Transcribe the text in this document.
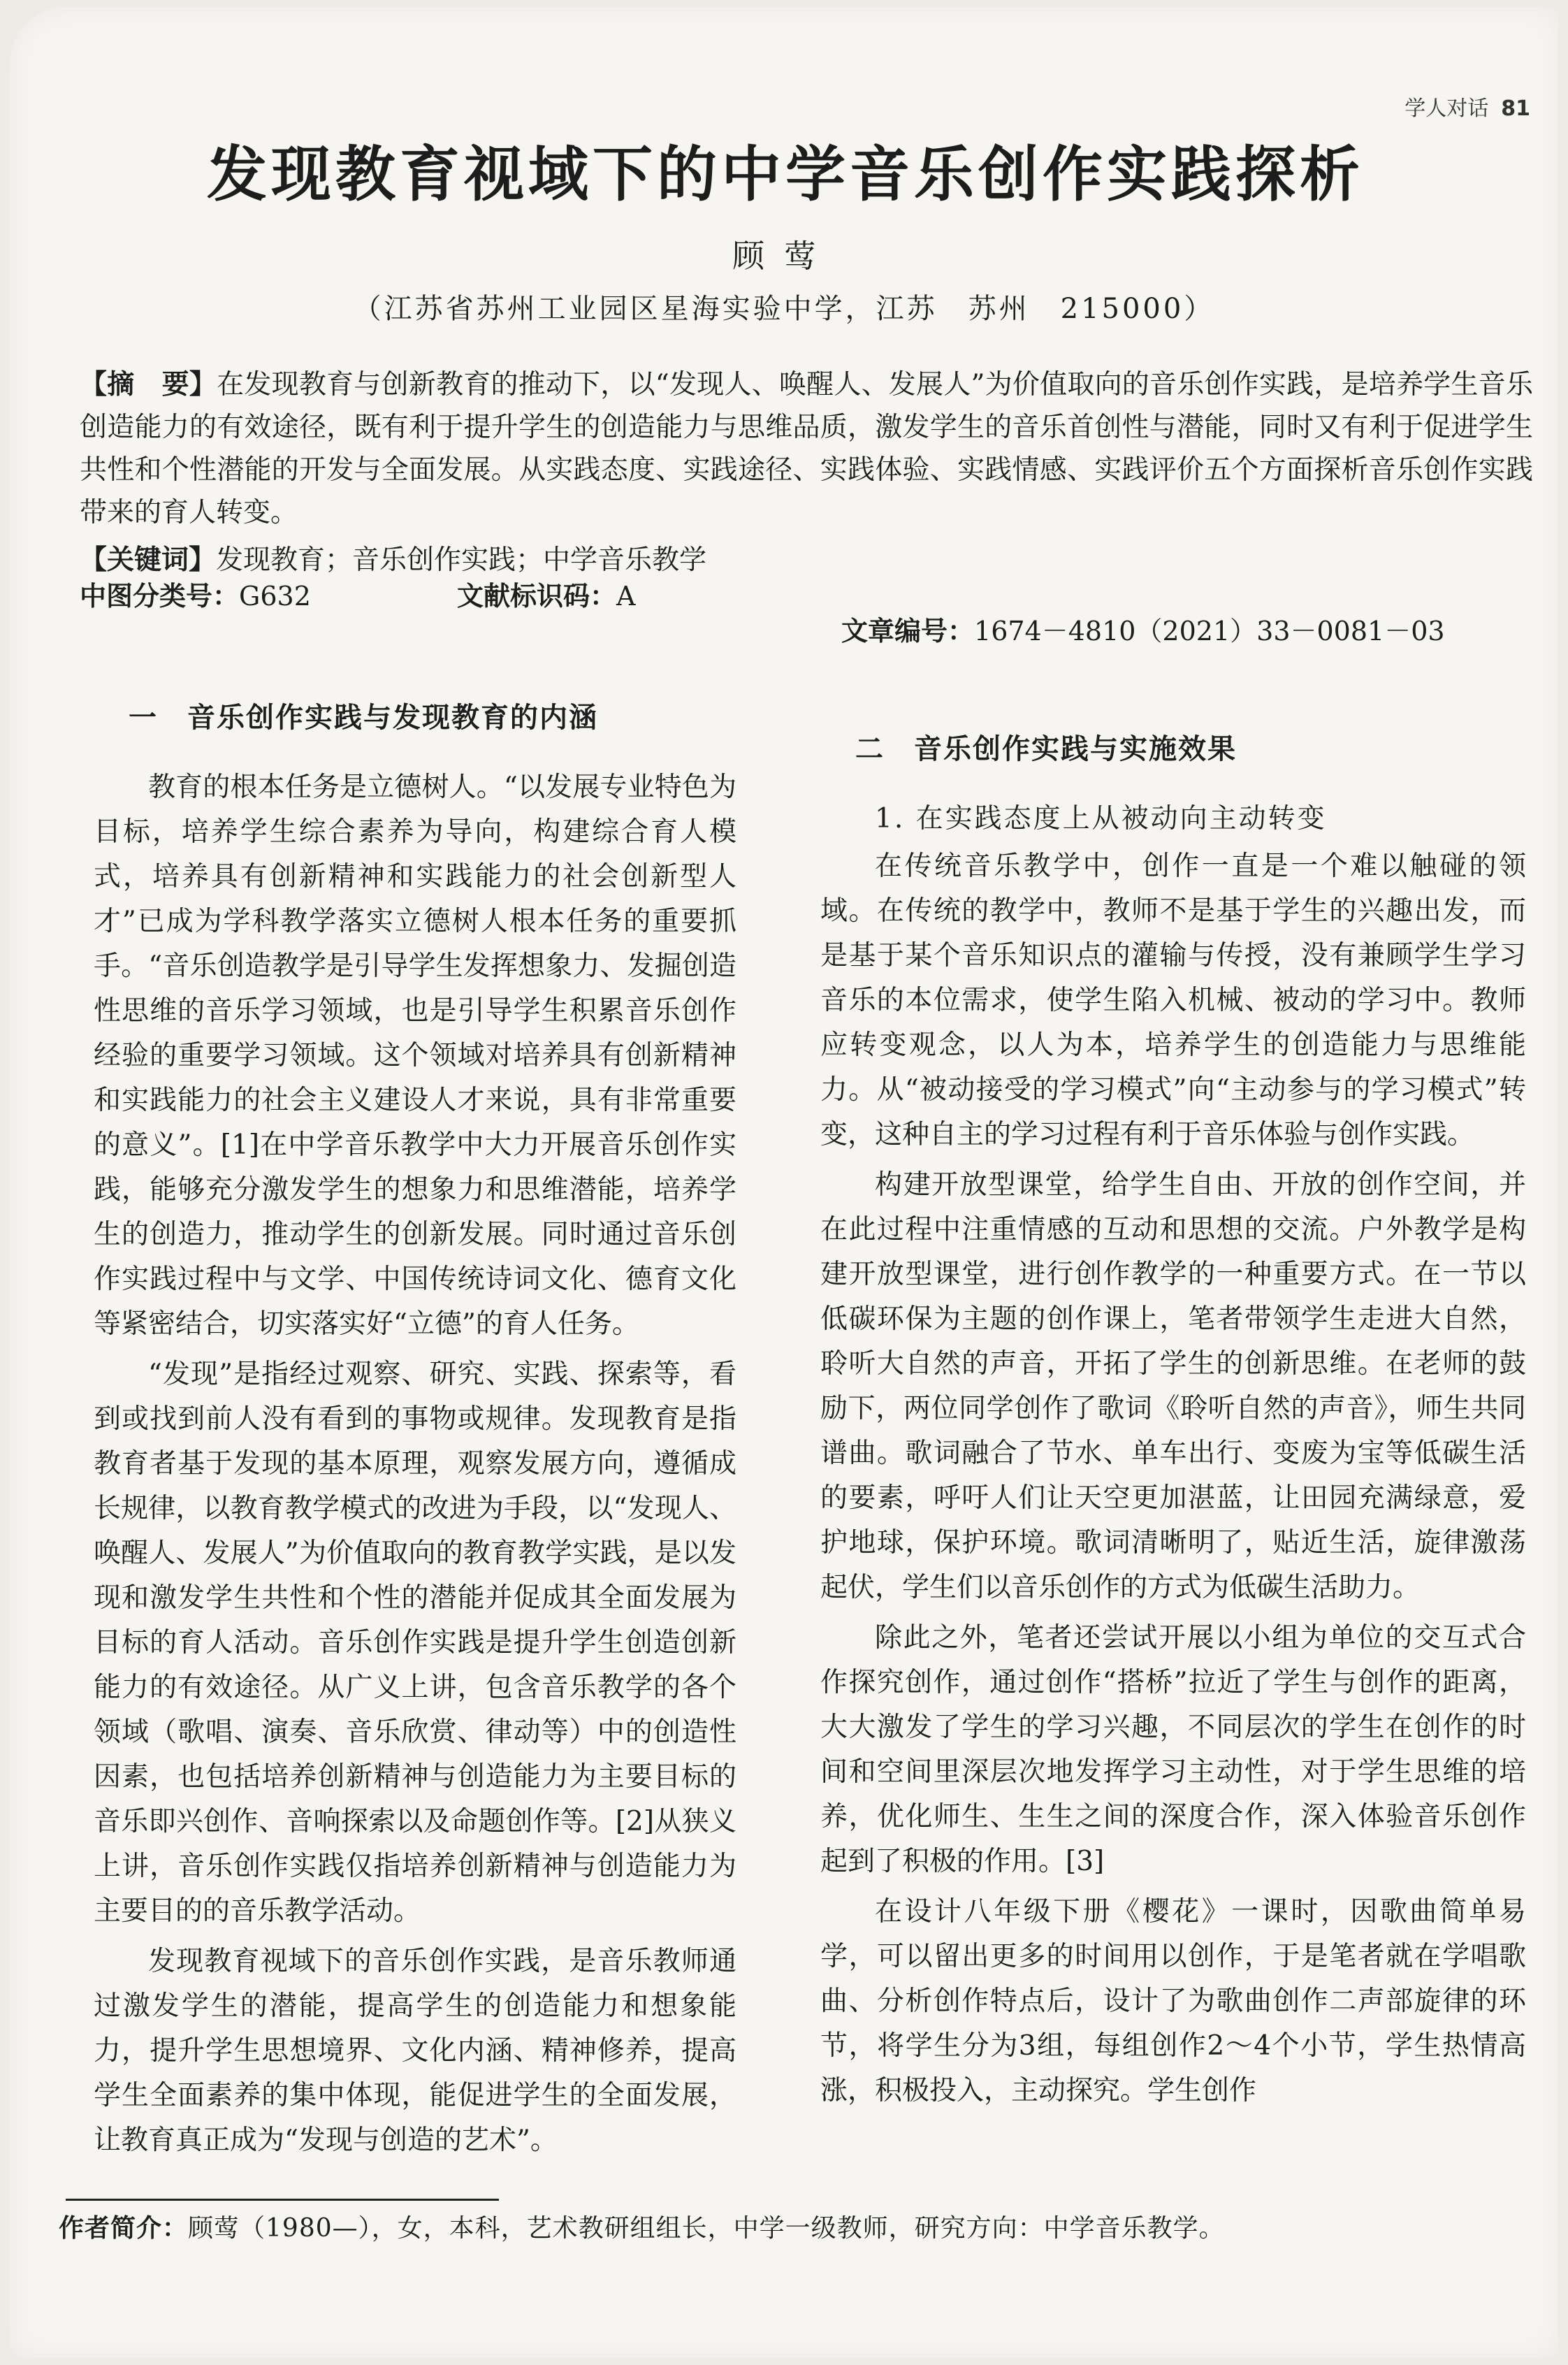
学人对话 81
发现教育视域下的中学音乐创作实践探析
顾莺
（江苏省苏州工业园区星海实验中学，江苏　苏州　215000）
【摘　要】在发现教育与创新教育的推动下，以“发现人、唤醒人、发展人”为价值取向的音乐创作实践，是培养学生音乐创造能力的有效途径，既有利于提升学生的创造能力与思维品质，激发学生的音乐首创性与潜能，同时又有利于促进学生共性和个性潜能的开发与全面发展。从实践态度、实践途径、实践体验、实践情感、实践评价五个方面探析音乐创作实践带来的育人转变。
【关键词】发现教育；音乐创作实践；中学音乐教学
中图分类号：G632	文献标识码：A
文章编号：1674－4810（2021）33－0081－03
一　音乐创作实践与发现教育的内涵

教育的根本任务是立德树人。“以发展专业特色为目标，培养学生综合素养为导向，构建综合育人模式，培养具有创新精神和实践能力的社会创新型人才”已成为学科教学落实立德树人根本任务的重要抓手。“音乐创造教学是引导学生发挥想象力、发掘创造性思维的音乐学习领域，也是引导学生积累音乐创作经验的重要学习领域。这个领域对培养具有创新精神和实践能力的社会主义建设人才来说，具有非常重要的意义”。[1]在中学音乐教学中大力开展音乐创作实践，能够充分激发学生的想象力和思维潜能，培养学生的创造力，推动学生的创新发展。同时通过音乐创作实践过程中与文学、中国传统诗词文化、德育文化等紧密结合，切实落实好“立德”的育人任务。

“发现”是指经过观察、研究、实践、探索等，看到或找到前人没有看到的事物或规律。发现教育是指教育者基于发现的基本原理，观察发展方向，遵循成长规律，以教育教学模式的改进为手段，以“发现人、唤醒人、发展人”为价值取向的教育教学实践，是以发现和激发学生共性和个性的潜能并促成其全面发展为目标的育人活动。音乐创作实践是提升学生创造创新能力的有效途径。从广义上讲，包含音乐教学的各个领域（歌唱、演奏、音乐欣赏、律动等）中的创造性因素，也包括培养创新精神与创造能力为主要目标的音乐即兴创作、音响探索以及命题创作等。[2]从狭义上讲，音乐创作实践仅指培养创新精神与创造能力为主要目的的音乐教学活动。

发现教育视域下的音乐创作实践，是音乐教师通过激发学生的潜能，提高学生的创造能力和想象能力，提升学生思想境界、文化内涵、精神修养，提高学生全面素养的集中体现，能促进学生的全面发展，让教育真正成为“发现与创造的艺术”。

二　音乐创作实践与实施效果
1. 在实践态度上从被动向主动转变

在传统音乐教学中，创作一直是一个难以触碰的领域。在传统的教学中，教师不是基于学生的兴趣出发，而是基于某个音乐知识点的灌输与传授，没有兼顾学生学习音乐的本位需求，使学生陷入机械、被动的学习中。教师应转变观念，以人为本，培养学生的创造能力与思维能力。从“被动接受的学习模式”向“主动参与的学习模式”转变，这种自主的学习过程有利于音乐体验与创作实践。

构建开放型课堂，给学生自由、开放的创作空间，并在此过程中注重情感的互动和思想的交流。户外教学是构建开放型课堂，进行创作教学的一种重要方式。在一节以低碳环保为主题的创作课上，笔者带领学生走进大自然，聆听大自然的声音，开拓了学生的创新思维。在老师的鼓励下，两位同学创作了歌词《聆听自然的声音》，师生共同谱曲。歌词融合了节水、单车出行、变废为宝等低碳生活的要素，呼吁人们让天空更加湛蓝，让田园充满绿意，爱护地球，保护环境。歌词清晰明了，贴近生活，旋律激荡起伏，学生们以音乐创作的方式为低碳生活助力。

除此之外，笔者还尝试开展以小组为单位的交互式合作探究创作，通过创作“搭桥”拉近了学生与创作的距离，大大激发了学生的学习兴趣，不同层次的学生在创作的时间和空间里深层次地发挥学习主动性，对于学生思维的培养，优化师生、生生之间的深度合作，深入体验音乐创作起到了积极的作用。[3]

在设计八年级下册《樱花》一课时，因歌曲简单易学，可以留出更多的时间用以创作，于是笔者就在学唱歌曲、分析创作特点后，设计了为歌曲创作二声部旋律的环节，将学生分为3组，每组创作2～4个小节，学生热情高涨，积极投入，主动探究。学生创作

作者简介：顾莺（1980—），女，本科，艺术教研组组长，中学一级教师，研究方向：中学音乐教学。
